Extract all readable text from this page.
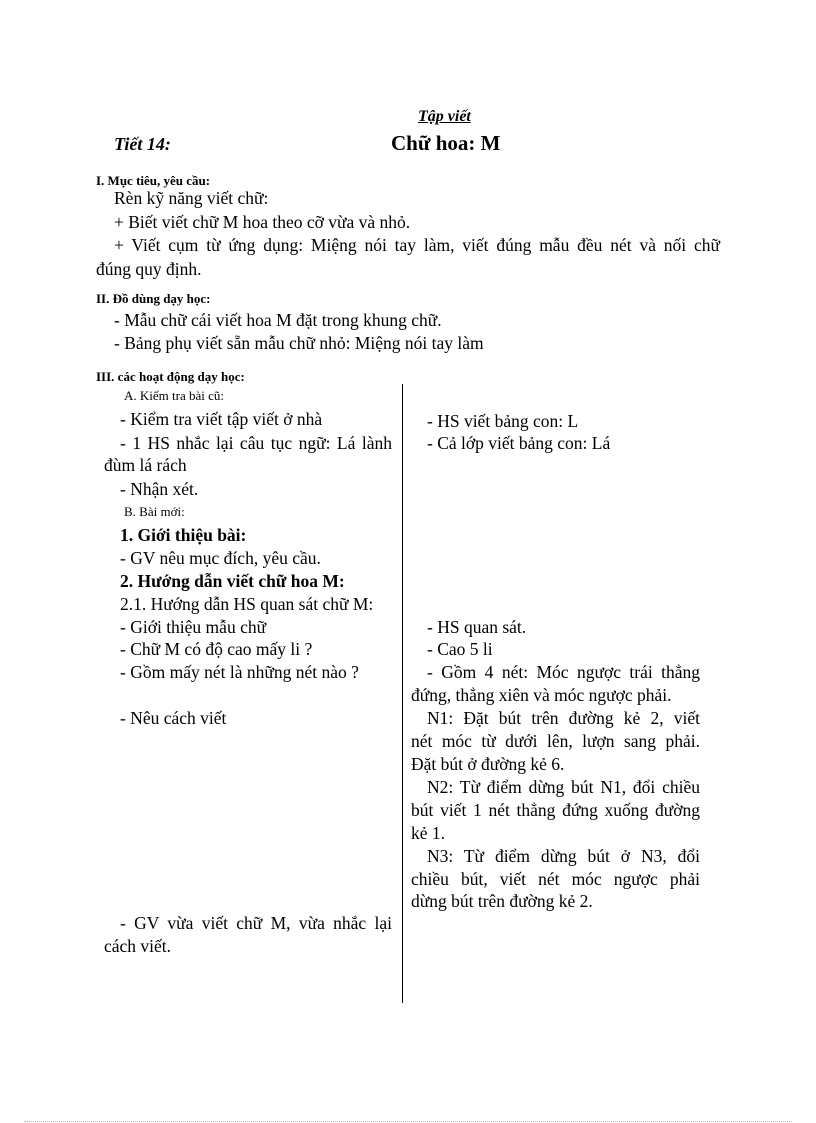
Tập viết
Tiết 14:	Chữ hoa: M
I. Mục tiêu, yêu cầu:
Rèn kỹ năng viết chữ:
+ Biết viết chữ M hoa theo cỡ vừa và nhỏ.
+ Viết cụm từ ứng dụng: Miệng nói tay làm, viết đúng mẫu đều nét và nối chữ
đúng quy định.
II. Đồ dùng dạy học:
- Mẫu chữ cái viết hoa M đặt trong khung chữ.
- Bảng phụ viết sẵn mẫu chữ nhỏ: Miệng nói tay làm
III. các hoạt động dạy học:
A. Kiểm tra bài cũ:
- Kiểm tra viết tập viết ở nhà
- 1 HS nhắc lại câu tục ngữ: Lá lành
đùm lá rách
- Nhận xét.
B. Bài mới:
1. Giới thiệu bài:
- GV nêu mục đích, yêu cầu.
2. Hướng dẫn viết chữ hoa M:
2.1. Hướng dẫn HS quan sát chữ M:
- Giới thiệu mẫu chữ
- Chữ M có độ cao mấy li ?
- Gồm mấy nét là những nét nào ?
- Nêu cách viết
- GV vừa viết chữ M, vừa nhắc lại
cách viết.
- HS viết bảng con: L
- Cả lớp viết bảng con: Lá
- HS quan sát.
- Cao 5 li
- Gồm 4 nét: Móc ngược trái thẳng
đứng, thẳng xiên và móc ngược phải.
N1: Đặt bút trên đường kẻ 2, viết
nét móc từ dưới lên, lượn sang phải.
Đặt bút ở đường kẻ 6.
N2: Từ điểm dừng bút N1, đổi chiều
bút viết 1 nét thẳng đứng xuống đường
kẻ 1.
N3: Từ điểm dừng bút ở N3, đổi
chiều bút, viết nét móc ngược phải
dừng bút trên đường kẻ 2.
